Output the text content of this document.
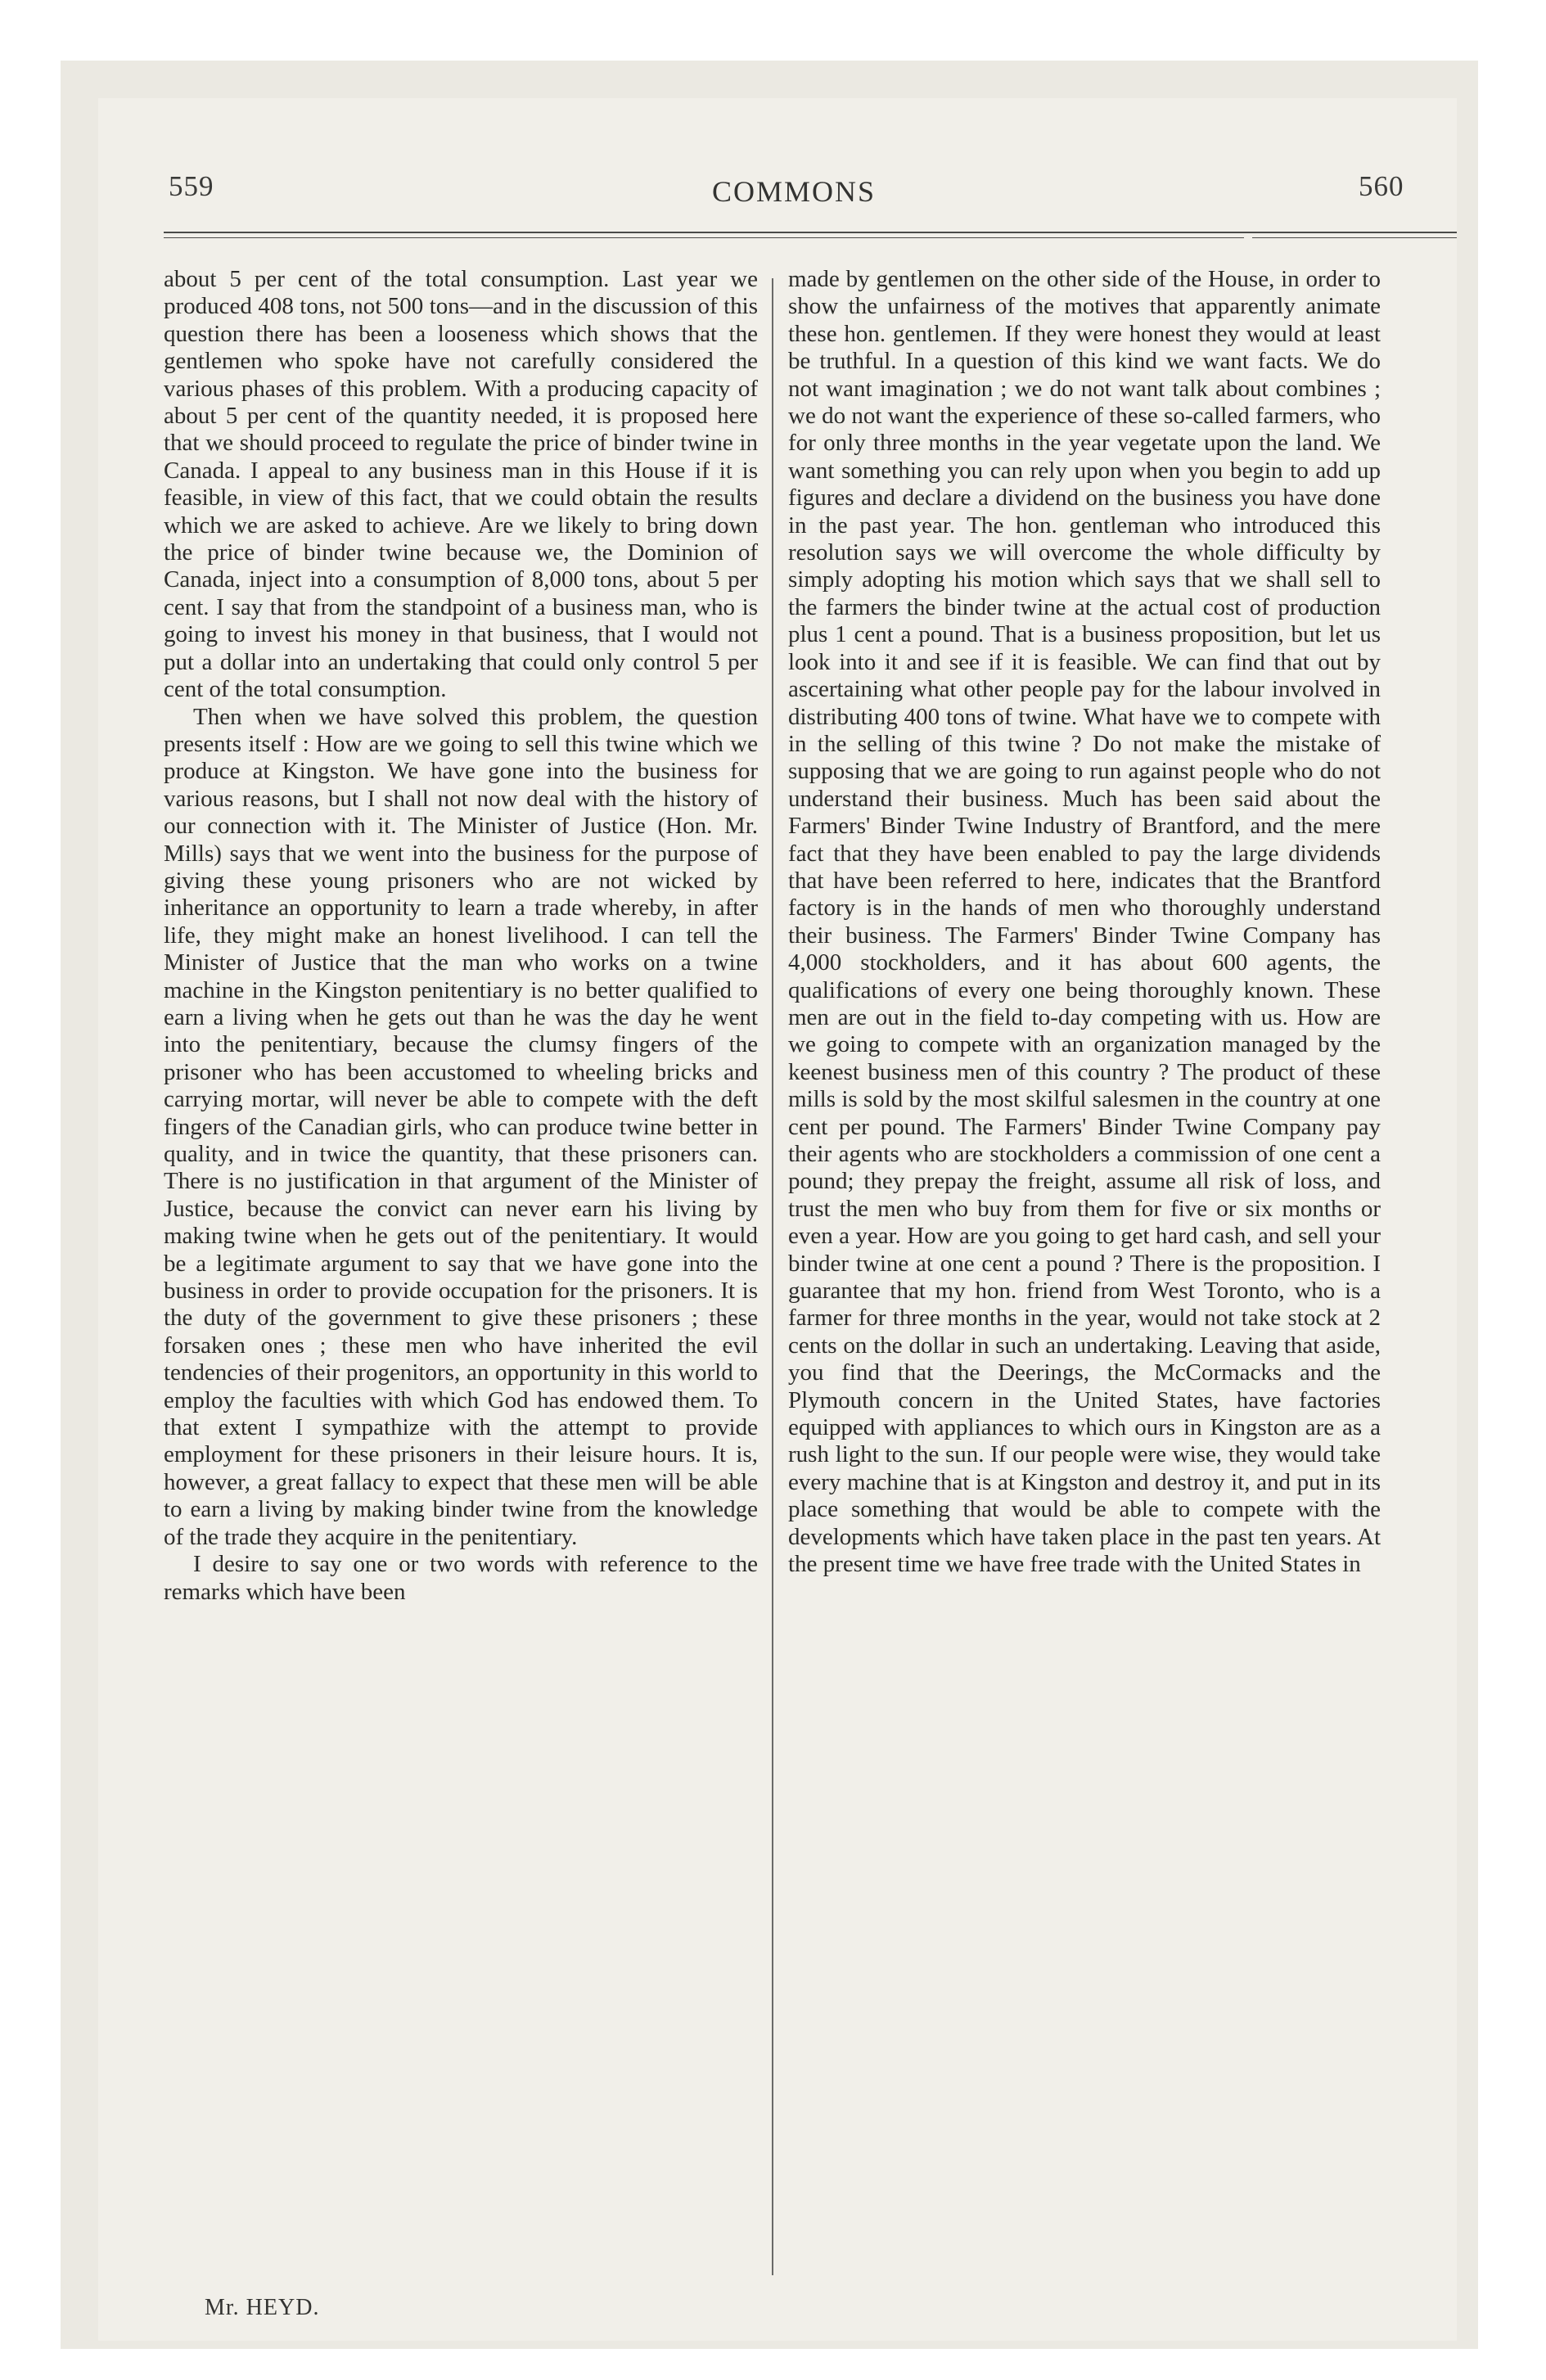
559	COMMONS	560

about 5 per cent of the total consumption. Last year we produced 408 tons, not 500 tons—and in the discussion of this question there has been a looseness which shows that the gentlemen who spoke have not carefully considered the various phases of this problem. With a producing capacity of about 5 per cent of the quantity needed, it is proposed here that we should proceed to regulate the price of binder twine in Canada. I appeal to any business man in this House if it is feasible, in view of this fact, that we could obtain the results which we are asked to achieve. Are we likely to bring down the price of binder twine because we, the Dominion of Canada, inject into a consumption of 8,000 tons, about 5 per cent. I say that from the standpoint of a business man, who is going to invest his money in that business, that I would not put a dollar into an undertaking that could only control 5 per cent of the total consumption.

Then when we have solved this problem, the question presents itself : How are we going to sell this twine which we produce at Kingston. We have gone into the business for various reasons, but I shall not now deal with the history of our connection with it. The Minister of Justice (Hon. Mr. Mills) says that we went into the business for the purpose of giving these young prisoners who are not wicked by inheritance an opportunity to learn a trade whereby, in after life, they might make an honest livelihood. I can tell the Minister of Justice that the man who works on a twine machine in the Kingston penitentiary is no better qualified to earn a living when he gets out than he was the day he went into the penitentiary, because the clumsy fingers of the prisoner who has been accustomed to wheeling bricks and carrying mortar, will never be able to compete with the deft fingers of the Canadian girls, who can produce twine better in quality, and in twice the quantity, that these prisoners can. There is no justification in that argument of the Minister of Justice, because the convict can never earn his living by making twine when he gets out of the penitentiary. It would be a legitimate argument to say that we have gone into the business in order to provide occupation for the prisoners. It is the duty of the government to give these prisoners ; these forsaken ones ; these men who have inherited the evil tendencies of their progenitors, an opportunity in this world to employ the faculties with which God has endowed them. To that extent I sympathize with the attempt to provide employment for these prisoners in their leisure hours. It is, however, a great fallacy to expect that these men will be able to earn a living by making binder twine from the knowledge of the trade they acquire in the penitentiary.

I desire to say one or two words with reference to the remarks which have been

made by gentlemen on the other side of the House, in order to show the unfairness of the motives that apparently animate these hon. gentlemen. If they were honest they would at least be truthful. In a question of this kind we want facts. We do not want imagination ; we do not want talk about combines ; we do not want the experience of these so-called farmers, who for only three months in the year vegetate upon the land. We want something you can rely upon when you begin to add up figures and declare a dividend on the business you have done in the past year. The hon. gentleman who introduced this resolution says we will overcome the whole difficulty by simply adopting his motion which says that we shall sell to the farmers the binder twine at the actual cost of production plus 1 cent a pound. That is a business proposition, but let us look into it and see if it is feasible. We can find that out by ascertaining what other people pay for the labour involved in distributing 400 tons of twine. What have we to compete with in the selling of this twine ? Do not make the mistake of supposing that we are going to run against people who do not understand their business. Much has been said about the Farmers' Binder Twine Industry of Brantford, and the mere fact that they have been enabled to pay the large dividends that have been referred to here, indicates that the Brantford factory is in the hands of men who thoroughly understand their business. The Farmers' Binder Twine Company has 4,000 stockholders, and it has about 600 agents, the qualifications of every one being thoroughly known. These men are out in the field to-day competing with us. How are we going to compete with an organization managed by the keenest business men of this country ? The product of these mills is sold by the most skilful salesmen in the country at one cent per pound. The Farmers' Binder Twine Company pay their agents who are stockholders a commission of one cent a pound; they prepay the freight, assume all risk of loss, and trust the men who buy from them for five or six months or even a year. How are you going to get hard cash, and sell your binder twine at one cent a pound ? There is the proposition. I guarantee that my hon. friend from West Toronto, who is a farmer for three months in the year, would not take stock at 2 cents on the dollar in such an undertaking. Leaving that aside, you find that the Deerings, the McCormacks and the Plymouth concern in the United States, have factories equipped with appliances to which ours in Kingston are as a rush light to the sun. If our people were wise, they would take every machine that is at Kingston and destroy it, and put in its place something that would be able to compete with the developments which have taken place in the past ten years. At the present time we have free trade with the United States in

Mr. HEYD.
